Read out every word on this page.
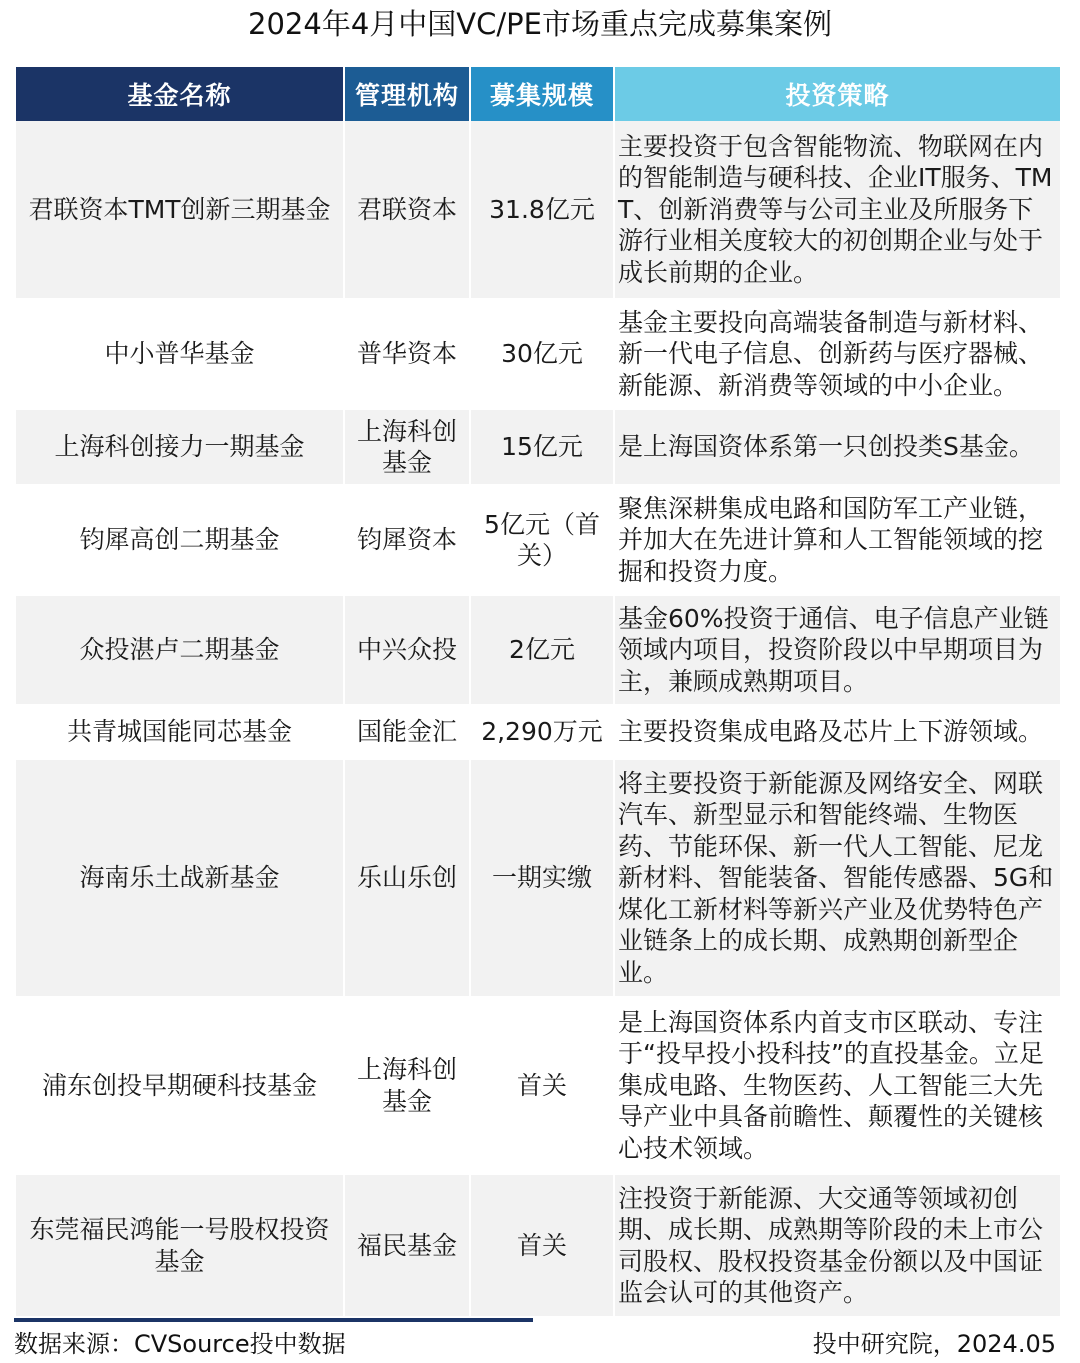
2024年4月中国VC/PE市场重点完成募集案例
基金名称	管理机构	募集规模	投资策略
君联资本TMT创新三期基金	君联资本	31.8亿元	主要投资于包含智能物流、物联网在内的智能制造与硬科技、企业IT服务、TMT、创新消费等与公司主业及所服务下游行业相关度较大的初创期企业与处于成长前期的企业。
中小普华基金	普华资本	30亿元	基金主要投向高端装备制造与新材料、新一代电子信息、创新药与医疗器械、新能源、新消费等领域的中小企业。
上海科创接力一期基金	上海科创基金	15亿元	是上海国资体系第一只创投类S基金。
钧犀高创二期基金	钧犀资本	5亿元（首关）	聚焦深耕集成电路和国防军工产业链，并加大在先进计算和人工智能领域的挖掘和投资力度。
众投湛卢二期基金	中兴众投	2亿元	基金60%投资于通信、电子信息产业链领域内项目，投资阶段以中早期项目为主，兼顾成熟期项目。
共青城国能同芯基金	国能金汇	2,290万元	主要投资集成电路及芯片上下游领域。
海南乐土战新基金	乐山乐创	一期实缴	将主要投资于新能源及网络安全、网联汽车、新型显示和智能终端、生物医药、节能环保、新一代人工智能、尼龙新材料、智能装备、智能传感器、5G和煤化工新材料等新兴产业及优势特色产业链条上的成长期、成熟期创新型企业。
浦东创投早期硬科技基金	上海科创基金	首关	是上海国资体系内首支市区联动、专注于“投早投小投科技”的直投基金。立足集成电路、生物医药、人工智能三大先导产业中具备前瞻性、颠覆性的关键核心技术领域。
东莞福民鸿能一号股权投资基金	福民基金	首关	注投资于新能源、大交通等领域初创期、成长期、成熟期等阶段的未上市公司股权、股权投资基金份额以及中国证监会认可的其他资产。
数据来源：CVSource投中数据	投中研究院，2024.05
